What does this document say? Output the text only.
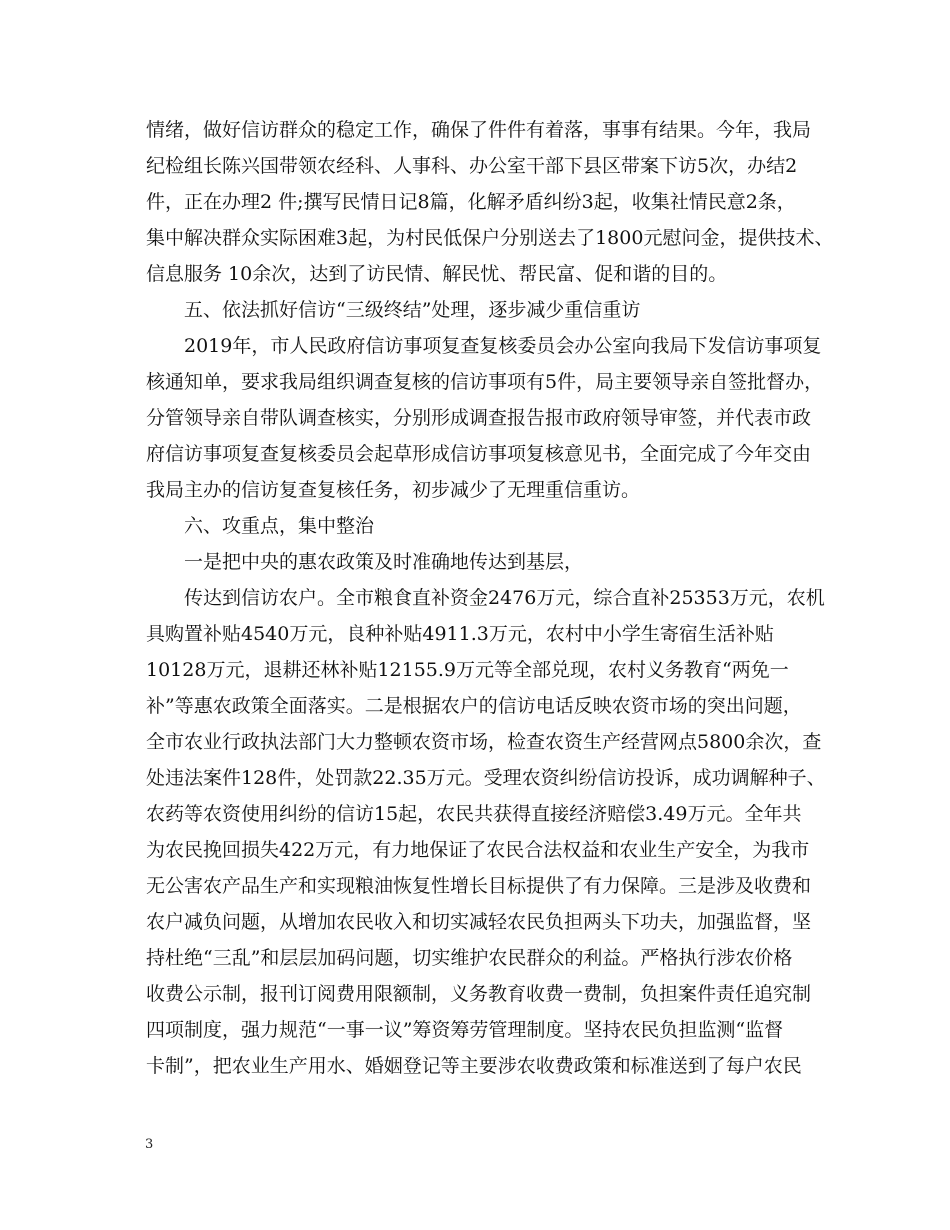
情绪，做好信访群众的稳定工作，确保了件件有着落，事事有结果。今年，我局
纪检组长陈兴国带领农经科、人事科、办公室干部下县区带案下访5次，办结2
件，正在办理2 件;撰写民情日记8篇，化解矛盾纠纷3起，收集社情民意2条，
集中解决群众实际困难3起，为村民低保户分别送去了1800元慰问金，提供技术、
信息服务 10余次，达到了访民情、解民忧、帮民富、促和谐的目的。
五、依法抓好信访“三级终结”处理，逐步减少重信重访
2019年，市人民政府信访事项复查复核委员会办公室向我局下发信访事项复
核通知单，要求我局组织调查复核的信访事项有5件，局主要领导亲自签批督办，
分管领导亲自带队调查核实，分别形成调查报告报市政府领导审签，并代表市政
府信访事项复查复核委员会起草形成信访事项复核意见书，全面完成了今年交由
我局主办的信访复查复核任务，初步减少了无理重信重访。
六、攻重点，集中整治
一是把中央的惠农政策及时准确地传达到基层，
传达到信访农户。全市粮食直补资金2476万元，综合直补25353万元，农机
具购置补贴4540万元，良种补贴4911.3万元，农村中小学生寄宿生活补贴
10128万元，退耕还林补贴12155.9万元等全部兑现，农村义务教育“两免一
补”等惠农政策全面落实。二是根据农户的信访电话反映农资市场的突出问题，
全市农业行政执法部门大力整顿农资市场，检查农资生产经营网点5800余次，查
处违法案件128件，处罚款22.35万元。受理农资纠纷信访投诉，成功调解种子、
农药等农资使用纠纷的信访15起，农民共获得直接经济赔偿3.49万元。全年共
为农民挽回损失422万元，有力地保证了农民合法权益和农业生产安全，为我市
无公害农产品生产和实现粮油恢复性增长目标提供了有力保障。三是涉及收费和
农户减负问题，从增加农民收入和切实减轻农民负担两头下功夫，加强监督，坚
持杜绝“三乱”和层层加码问题，切实维护农民群众的利益。严格执行涉农价格
收费公示制，报刊订阅费用限额制，义务教育收费一费制，负担案件责任追究制
四项制度，强力规范“一事一议”筹资筹劳管理制度。坚持农民负担监测“监督
卡制”，把农业生产用水、婚姻登记等主要涉农收费政策和标准送到了每户农民
3
